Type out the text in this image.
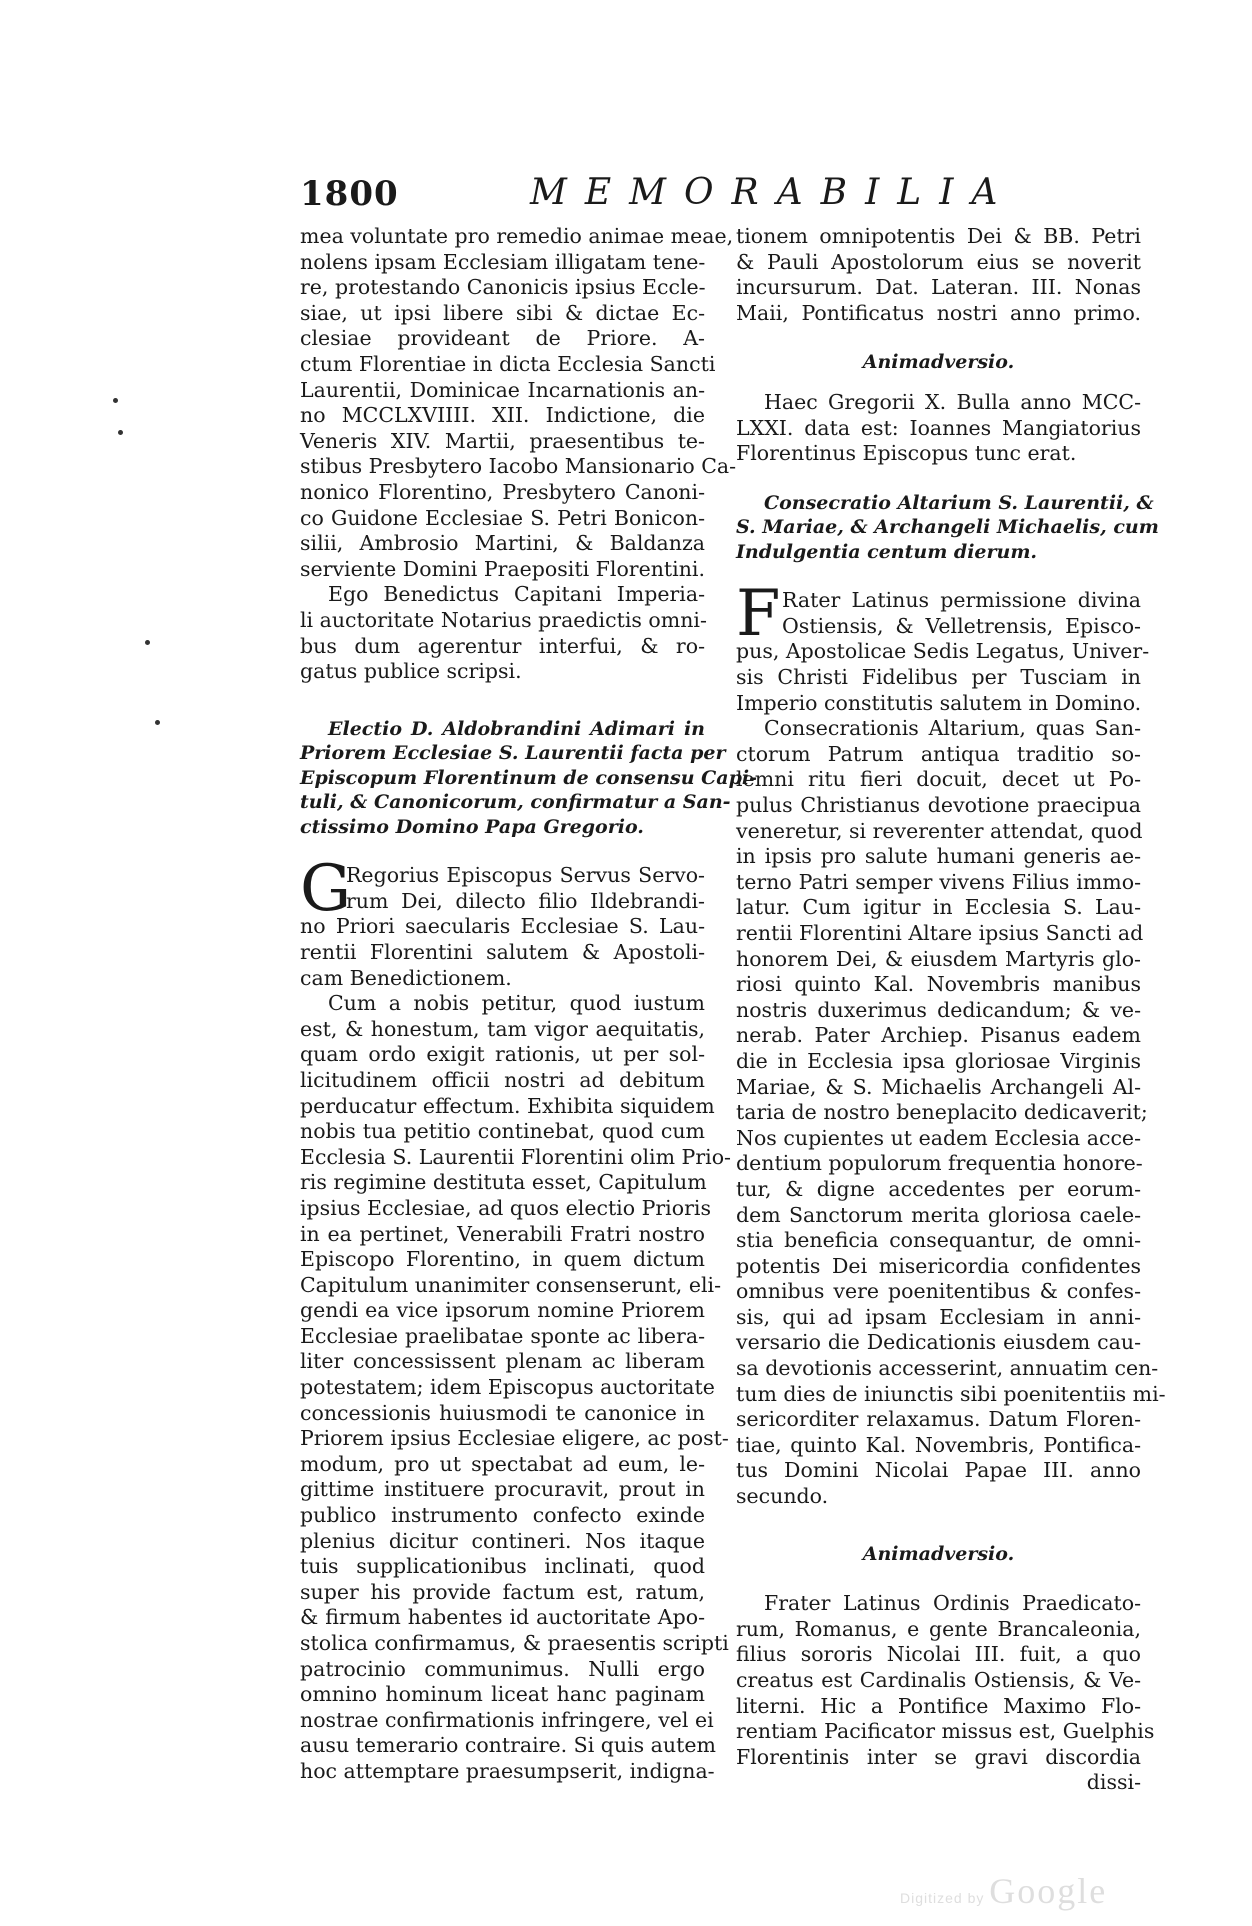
1800	MEMORABILIA
mea voluntate pro remedio animae meae,
nolens ipsam Ecclesiam illigatam tene-
re, protestando Canonicis ipsius Eccle-
siae, ut ipsi libere sibi & dictae Ec-
clesiae provideant de Priore. A-
ctum Florentiae in dicta Ecclesia Sancti
Laurentii, Dominicae Incarnationis an-
no MCCLXVIIII. XII. Indictione, die
Veneris XIV. Martii, praesentibus te-
stibus Presbytero Iacobo Mansionario Ca-
nonico Florentino, Presbytero Canoni-
co Guidone Ecclesiae S. Petri Bonicon-
silii, Ambrosio Martini, & Baldanza
serviente Domini Praepositi Florentini.
Ego Benedictus Capitani Imperia-
li auctoritate Notarius praedictis omni-
bus dum agerentur interfui, & ro-
gatus publice scripsi.
Electio D. Aldobrandini Adimari in
Priorem Ecclesiae S. Laurentii facta per
Episcopum Florentinum de consensu Capi-
tuli, & Canonicorum, confirmatur a San-
ctissimo Domino Papa Gregorio.
G
Regorius Episcopus Servus Servo-
rum Dei, dilecto filio Ildebrandi-
no Priori saecularis Ecclesiae S. Lau-
rentii Florentini salutem & Apostoli-
cam Benedictionem.
Cum a nobis petitur, quod iustum
est, & honestum, tam vigor aequitatis,
quam ordo exigit rationis, ut per sol-
licitudinem officii nostri ad debitum
perducatur effectum. Exhibita siquidem
nobis tua petitio continebat, quod cum
Ecclesia S. Laurentii Florentini olim Prio-
ris regimine destituta esset, Capitulum
ipsius Ecclesiae, ad quos electio Prioris
in ea pertinet, Venerabili Fratri nostro
Episcopo Florentino, in quem dictum
Capitulum unanimiter consenserunt, eli-
gendi ea vice ipsorum nomine Priorem
Ecclesiae praelibatae sponte ac libera-
liter concessissent plenam ac liberam
potestatem; idem Episcopus auctoritate
concessionis huiusmodi te canonice in
Priorem ipsius Ecclesiae eligere, ac post-
modum, pro ut spectabat ad eum, le-
gittime instituere procuravit, prout in
publico instrumento confecto exinde
plenius dicitur contineri. Nos itaque
tuis supplicationibus inclinati, quod
super his provide factum est, ratum,
& firmum habentes id auctoritate Apo-
stolica confirmamus, & praesentis scripti
patrocinio communimus. Nulli ergo
omnino hominum liceat hanc paginam
nostrae confirmationis infringere, vel ei
ausu temerario contraire. Si quis autem
hoc attemptare praesumpserit, indigna-
tionem omnipotentis Dei & BB. Petri
& Pauli Apostolorum eius se noverit
incursurum. Dat. Lateran. III. Nonas
Maii, Pontificatus nostri anno primo.
Animadversio.
Haec Gregorii X. Bulla anno MCC-
LXXI. data est: Ioannes Mangiatorius
Florentinus Episcopus tunc erat.
Consecratio Altarium S. Laurentii, &
S. Mariae, & Archangeli Michaelis, cum
Indulgentia centum dierum.
F Rater Latinus permissione divina
Ostiensis, & Velletrensis, Episco-
pus, Apostolicae Sedis Legatus, Univer-
sis Christi Fidelibus per Tusciam in
Imperio constitutis salutem in Domino.
Consecrationis Altarium, quas San-
ctorum Patrum antiqua traditio so-
lemni ritu fieri docuit, decet ut Po-
pulus Christianus devotione praecipua
veneretur, si reverenter attendat, quod
in ipsis pro salute humani generis ae-
terno Patri semper vivens Filius immo-
latur. Cum igitur in Ecclesia S. Lau-
rentii Florentini Altare ipsius Sancti ad
honorem Dei, & eiusdem Martyris glo-
riosi quinto Kal. Novembris manibus
nostris duxerimus dedicandum; & ve-
nerab. Pater Archiep. Pisanus eadem
die in Ecclesia ipsa gloriosae Virginis
Mariae, & S. Michaelis Archangeli Al-
taria de nostro beneplacito dedicaverit;
Nos cupientes ut eadem Ecclesia acce-
dentium populorum frequentia honore-
tur, & digne accedentes per eorum-
dem Sanctorum merita gloriosa caele-
stia beneficia consequantur, de omni-
potentis Dei misericordia confidentes
omnibus vere poenitentibus & confes-
sis, qui ad ipsam Ecclesiam in anni-
versario die Dedicationis eiusdem cau-
sa devotionis accesserint, annuatim cen-
tum dies de iniunctis sibi poenitentiis mi-
sericorditer relaxamus. Datum Floren-
tiae, quinto Kal. Novembris, Pontifica-
tus Domini Nicolai Papae III. anno
secundo.
Animadversio.
Frater Latinus Ordinis Praedicato-
rum, Romanus, e gente Brancaleonia,
filius sororis Nicolai III. fuit, a quo
creatus est Cardinalis Ostiensis, & Ve-
literni. Hic a Pontifice Maximo Flo-
rentiam Pacificator missus est, Guelphis
Florentinis inter se gravi discordia
dissi-
Digitized by Google
